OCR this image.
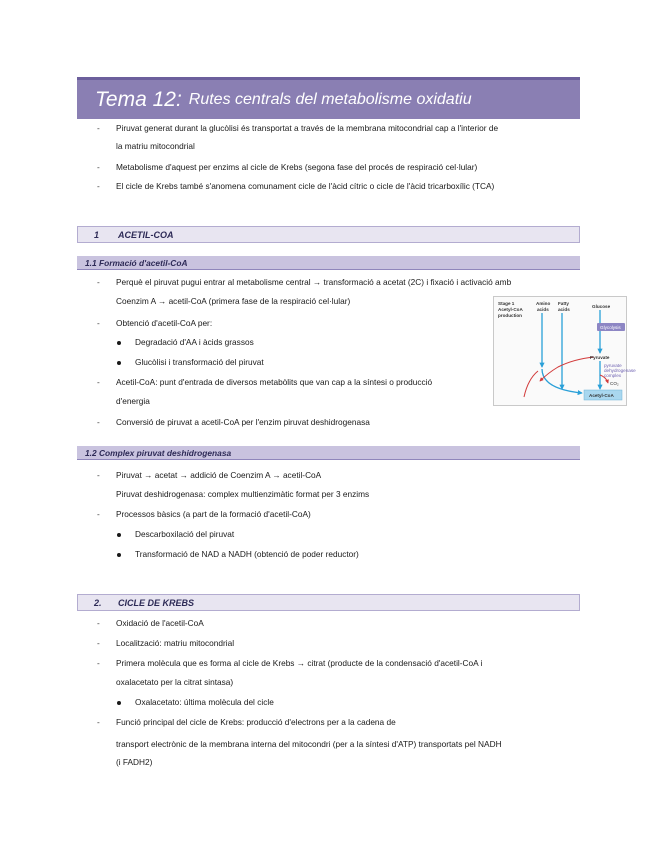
Tema 12: Rutes centrals del metabolisme oxidatiu
- Piruvat generat durant la glucòlisi és transportat a través de la membrana mitocondrial cap a l'interior de
la matriu mitocondrial
- Metabolisme d'aquest per enzims al cicle de Krebs (segona fase del procés de respiració cel·lular)
- El cicle de Krebs també s'anomena comunament cicle de l'àcid cítric o cicle de l'àcid tricarboxílic (TCA)
1	ACETIL-COA
1.1 Formació d'acetil-CoA
- Perquè el piruvat pugui entrar al metabolisme central → transformació a acetat (2C) i fixació i activació amb
Coenzim A → acetil-CoA (primera fase de la respiració cel·lular)
- Obtenció d'acetil-CoA per:
Degradació d'AA i àcids grassos
Glucòlisi i transformació del piruvat
- Acetil-CoA: punt d'entrada de diversos metabòlits que van cap a la síntesi o producció
d'energia
- Conversió de piruvat a acetil-CoA per l'enzim piruvat deshidrogenasa
Stage 1
Acetyl-CoA
production
Amino
acids
Fatty
acids
Glucose
Glycolysis
Pyruvate
pyruvate
dehydrogenase
complex
CO₂
Acetyl-CoA
1.2 Complex piruvat deshidrogenasa
- Piruvat → acetat → addició de Coenzim A → acetil-CoA
Piruvat deshidrogenasa: complex multienzimàtic format per 3 enzims
- Processos bàsics (a part de la formació d'acetil-CoA)
Descarboxilació del piruvat
Transformació de NAD a NADH (obtenció de poder reductor)
2.	CICLE DE KREBS
- Oxidació de l'acetil-CoA
- Localització: matriu mitocondrial
- Primera molècula que es forma al cicle de Krebs → citrat (producte de la condensació d'acetil-CoA i
oxalacetato per la citrat sintasa)
Oxalacetato: última molècula del cicle
- Funció principal del cicle de Krebs: producció d'electrons per a la cadena de
transport electrònic de la membrana interna del mitocondri (per a la síntesi d'ATP) transportats pel NADH
(i FADH2)
